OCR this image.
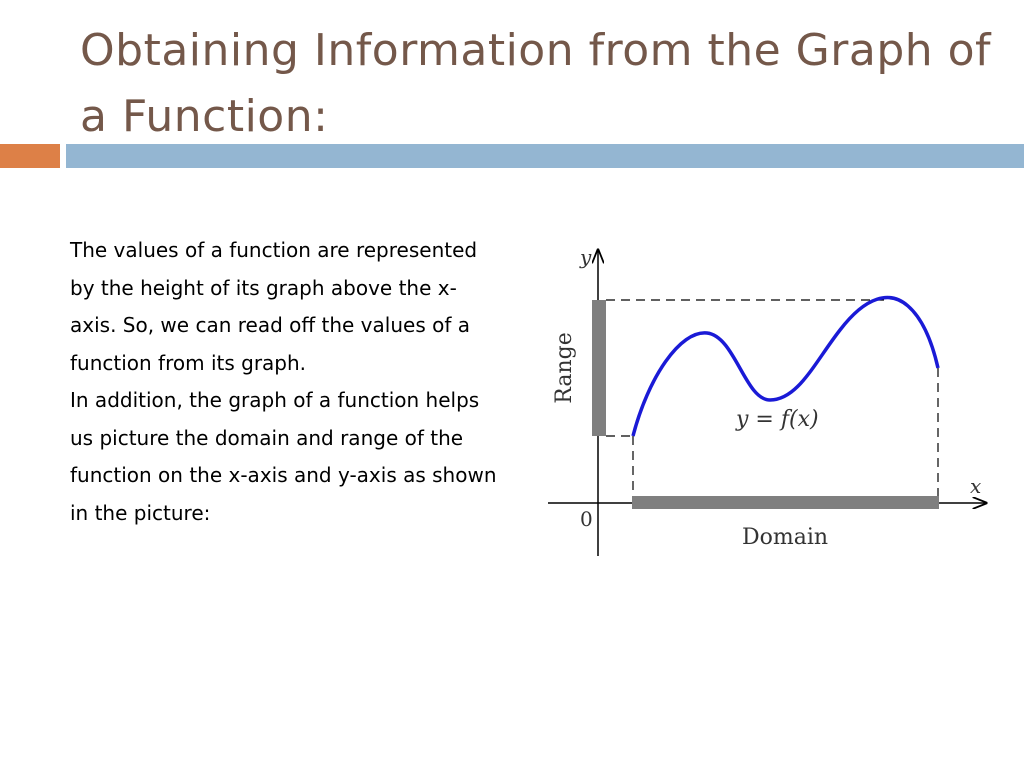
Obtaining Information from the Graph of a Function:

The values of a function are represented by the height of its graph above the x-axis. So, we can read off the values of a function from its graph.

In addition, the graph of a function helps us picture the domain and range of the function on the x-axis and y-axis as shown in the picture:

y
x
0
Range
Domain
y = f(x)
